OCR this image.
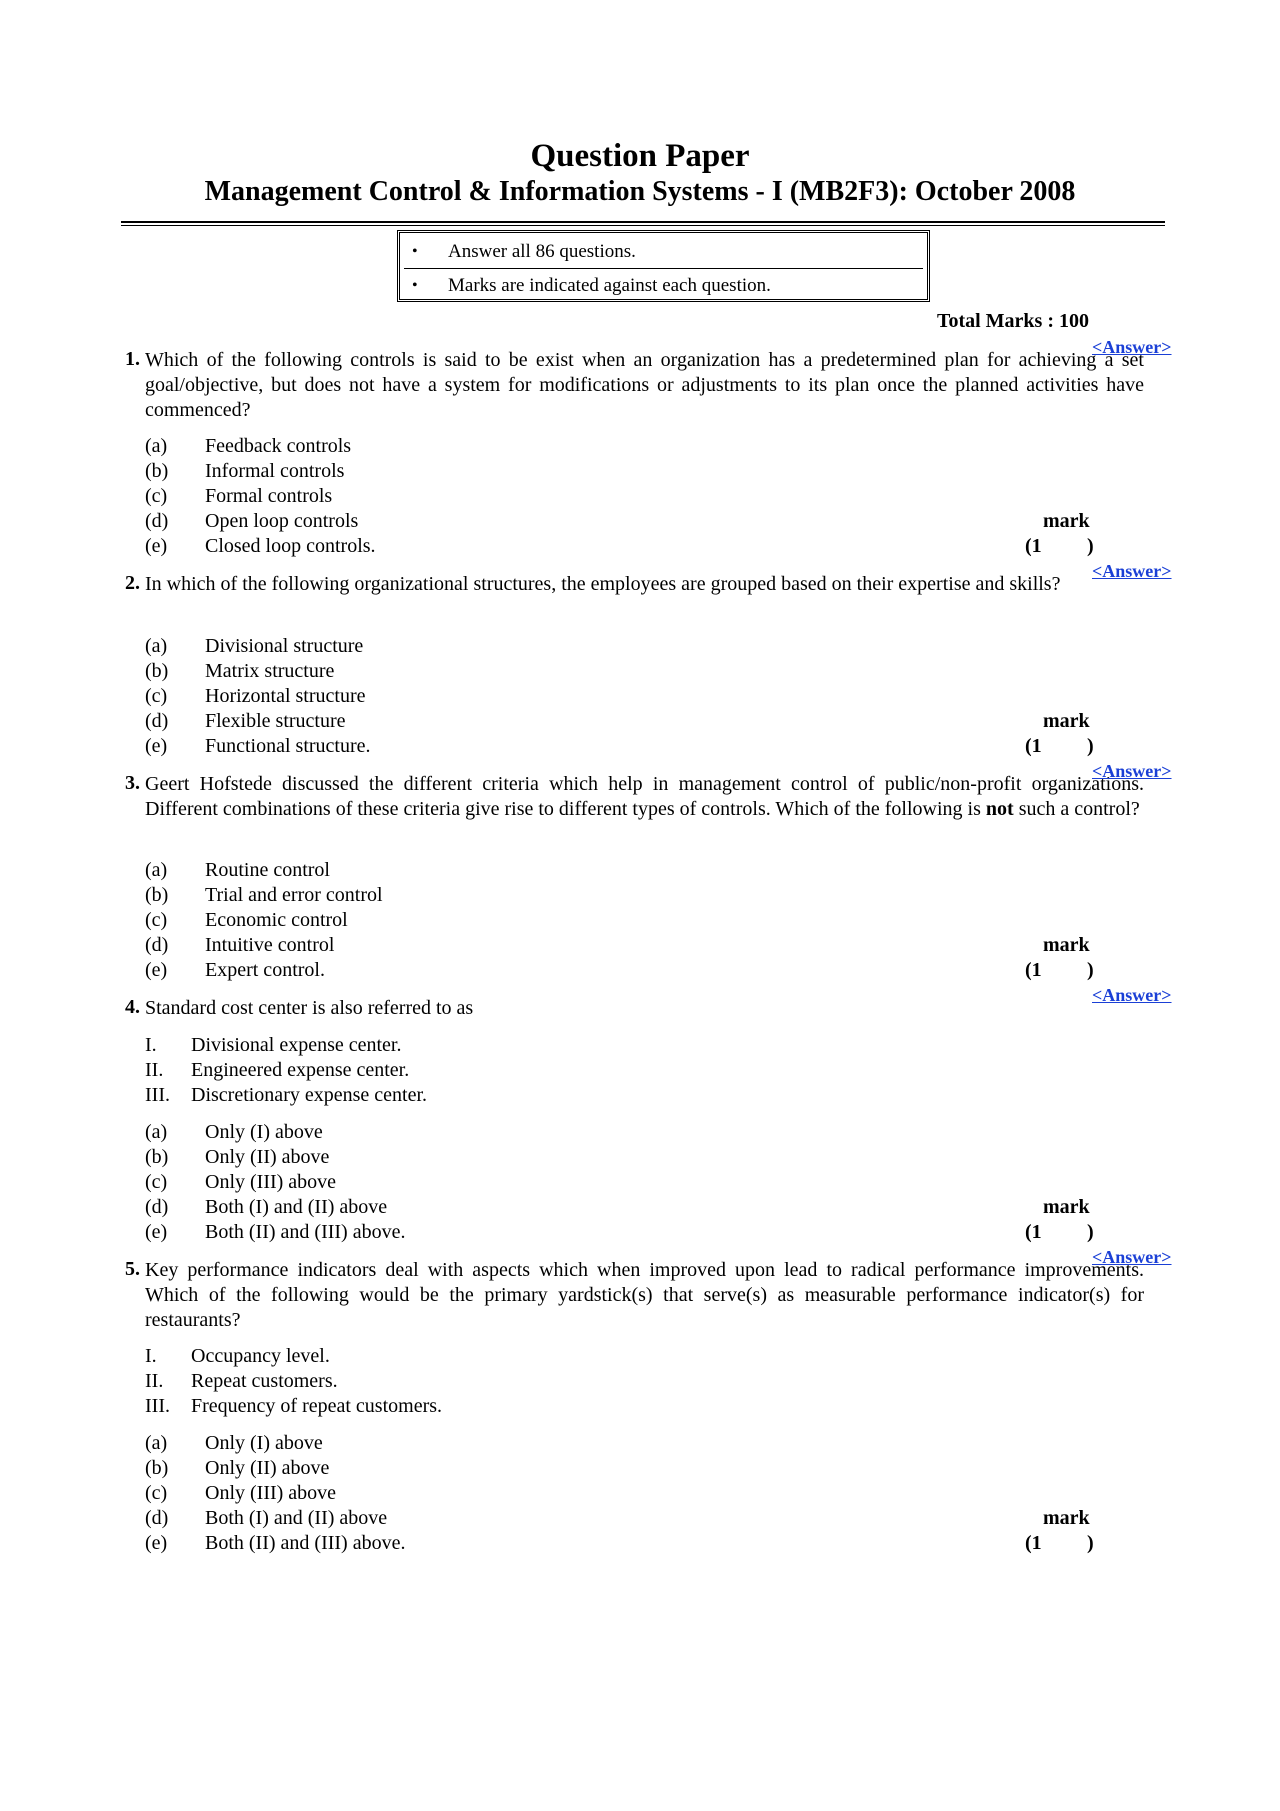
Question Paper
Management Control & Information Systems - I (MB2F3): October 2008
• Answer all 86 questions.
• Marks are indicated against each question.
Total Marks : 100
1. Which of the following controls is said to be exist when an organization has a predetermined plan for achieving a set goal/objective, but does not have a system for modifications or adjustments to its plan once the planned activities have commenced?
<Answer>
(a)	Feedback controls
(b)	Informal controls
(c)	Formal controls
(d)	Open loop controls
(e)	Closed loop controls.
mark
(1 )
2. In which of the following organizational structures, the employees are grouped based on their expertise and skills?
<Answer>
(a)	Divisional structure
(b)	Matrix structure
(c)	Horizontal structure
(d)	Flexible structure
(e)	Functional structure.
mark
(1 )
3. Geert Hofstede discussed the different criteria which help in management control of public/non-profit organizations. Different combinations of these criteria give rise to different types of controls. Which of the following is not such a control?
<Answer>
(a)	Routine control
(b)	Trial and error control
(c)	Economic control
(d)	Intuitive control
(e)	Expert control.
mark
(1 )
4. Standard cost center is also referred to as
<Answer>
I.	Divisional expense center.
II.	Engineered expense center.
III.	Discretionary expense center.
(a)	Only (I) above
(b)	Only (II) above
(c)	Only (III) above
(d)	Both (I) and (II) above
(e)	Both (II) and (III) above.
mark
(1 )
5. Key performance indicators deal with aspects which when improved upon lead to radical performance improvements. Which of the following would be the primary yardstick(s) that serve(s) as measurable performance indicator(s) for restaurants?
<Answer>
I.	Occupancy level.
II.	Repeat customers.
III.	Frequency of repeat customers.
(a)	Only (I) above
(b)	Only (II) above
(c)	Only (III) above
(d)	Both (I) and (II) above
(e)	Both (II) and (III) above.
mark
(1 )
